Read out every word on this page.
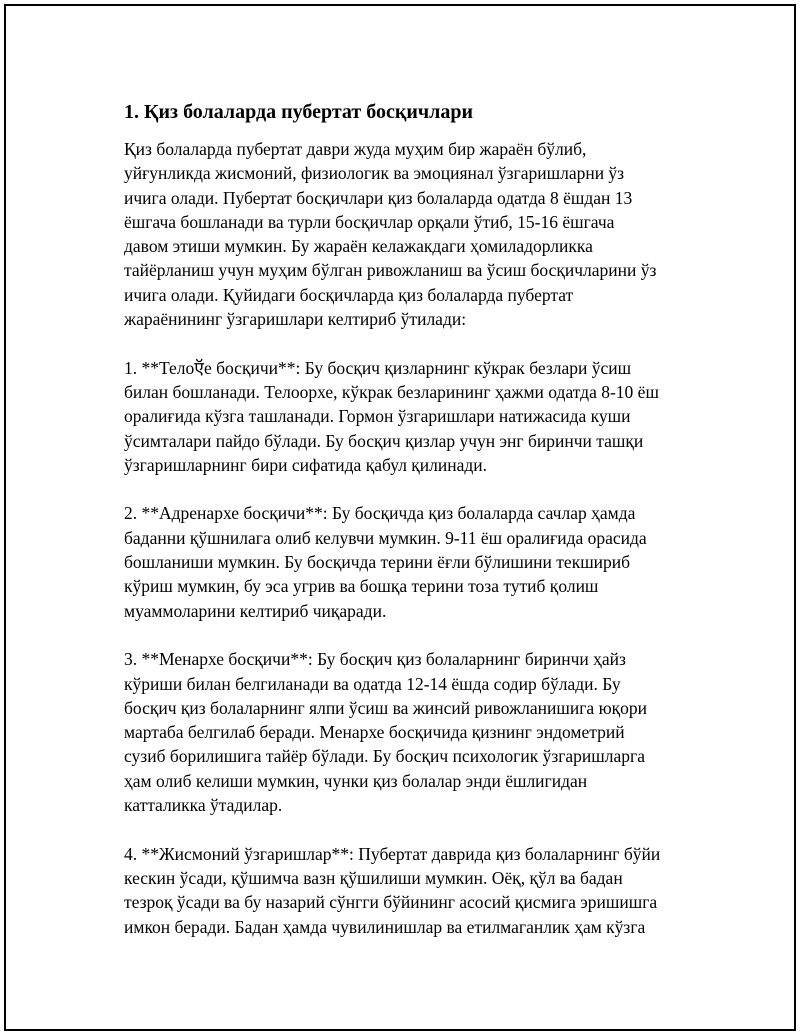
1. Қиз болаларда пубертат босқичлари

Қиз болаларда пубертат даври жуда муҳим бир жараён бўлиб,
уйғунликда жисмоний, физиологик ва эмоциянал ўзгаришларни ўз
ичига олади. Пубертат босқичлари қиз болаларда одатда 8 ёшдан 13
ёшгача бошланади ва турли босқичлар орқали ўтиб, 15-16 ёшгача
давом этиши мумкин. Бу жараён келажакдаги ҳомиладорликка
тайёрланиш учун муҳим бўлган ривожланиш ва ўсиш босқичларини ўз
ичига олади. Қуйидаги босқичларда қиз болаларда пубертат
жараёнининг ўзгаришлари келтириб ўтилади:

1. **Телоऍе босқичи**: Бу босқич қизларнинг кўкрак безлари ўсиш
билан бошланади. Телоорхе, кўкрак безларининг ҳажми одатда 8-10 ёш
оралиғида кўзга ташланади. Гормон ўзгаришлари натижасида куши
ўсимталари пайдо бўлади. Бу босқич қизлар учун энг биринчи ташқи
ўзгаришларнинг бири сифатида қабул қилинади.

2. **Адренархе босқичи**: Бу босқичда қиз болаларда сачлар ҳамда
баданни қўшнилага олиб келувчи мумкин. 9-11 ёш оралиғида орасида
бошланиши мумкин. Бу босқичда терини ёғли бўлишини текшириб
кўриш мумкин, бу эса угрив ва бошқа терини тоза тутиб қолиш
муаммоларини келтириб чиқаради.

3. **Менархе босқичи**: Бу босқич қиз болаларнинг биринчи ҳайз
кўриши билан белгиланади ва одатда 12-14 ёшда содир бўлади. Бу
босқич қиз болаларнинг ялпи ўсиш ва жинсий ривожланишига юқори
мартаба белгилаб беради. Менархе босқичида қизнинг эндометрий
сузиб борилишига тайёр бўлади. Бу босқич психологик ўзгаришларга
ҳам олиб келиши мумкин, чунки қиз болалар энди ёшлигидан
катталикка ўтадилар.

4. **Жисмоний ўзгаришлар**: Пубертат даврида қиз болаларнинг бўйи
кескин ўсади, қўшимча вазн қўшилиши мумкин. Оёқ, қўл ва бадан
тезроқ ўсади ва бу назарий сўнгги бўйининг асосий қисмига эришишга
имкон беради. Бадан ҳамда чувилинишлар ва етилмаганлик ҳам кўзга
